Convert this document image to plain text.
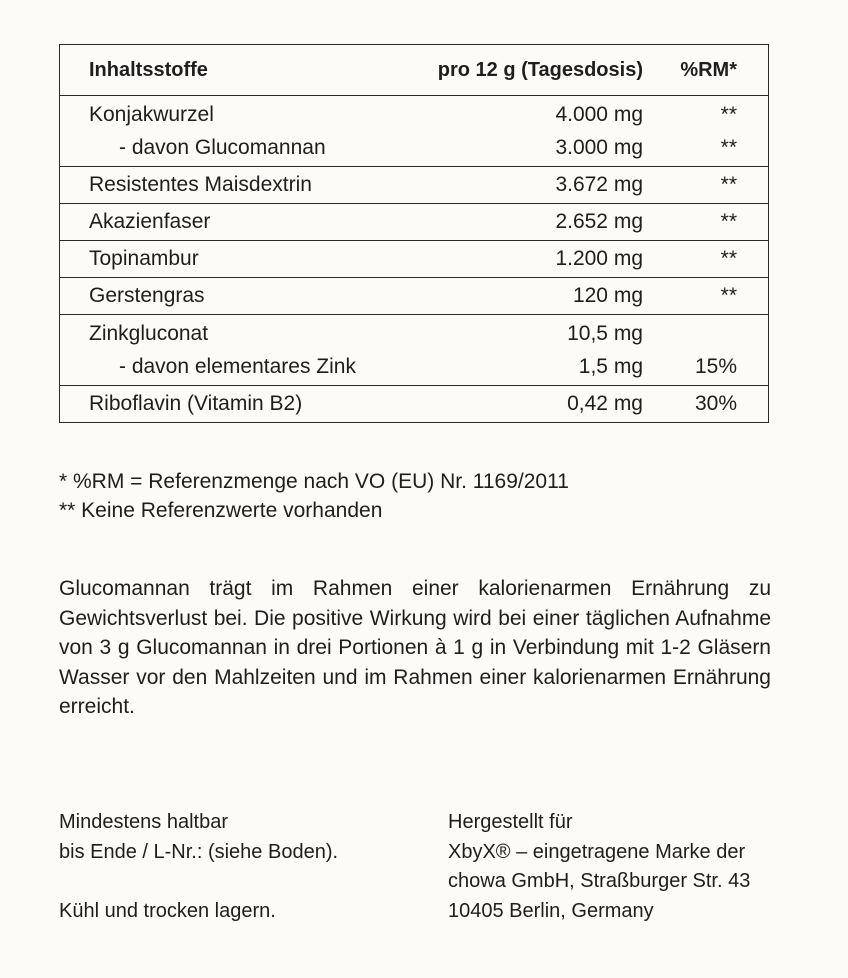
Inhaltsstoffe	pro 12 g (Tagesdosis)	%RM*
Konjakwurzel	4.000 mg	**
- davon Glucomannan	3.000 mg	**
Resistentes Maisdextrin	3.672 mg	**
Akazienfaser	2.652 mg	**
Topinambur	1.200 mg	**
Gerstengras	120 mg	**
Zinkgluconat	10,5 mg
- davon elementares Zink	1,5 mg	15%
Riboflavin (Vitamin B2)	0,42 mg	30%
* %RM = Referenzmenge nach VO (EU) Nr. 1169/2011
** Keine Referenzwerte vorhanden
Glucomannan trägt im Rahmen einer kalorienarmen Ernährung zu Gewichtsverlust bei. Die positive Wirkung wird bei einer täglichen Aufnahme von 3 g Glucomannan in drei Portionen à 1 g in Verbindung mit 1-2 Gläsern Wasser vor den Mahlzeiten und im Rahmen einer kalorienarmen Ernährung erreicht.
Mindestens haltbar
bis Ende / L-Nr.: (siehe Boden).
Kühl und trocken lagern.
Hergestellt für
XbyX® – eingetragene Marke der
chowa GmbH, Straßburger Str. 43
10405 Berlin, Germany
